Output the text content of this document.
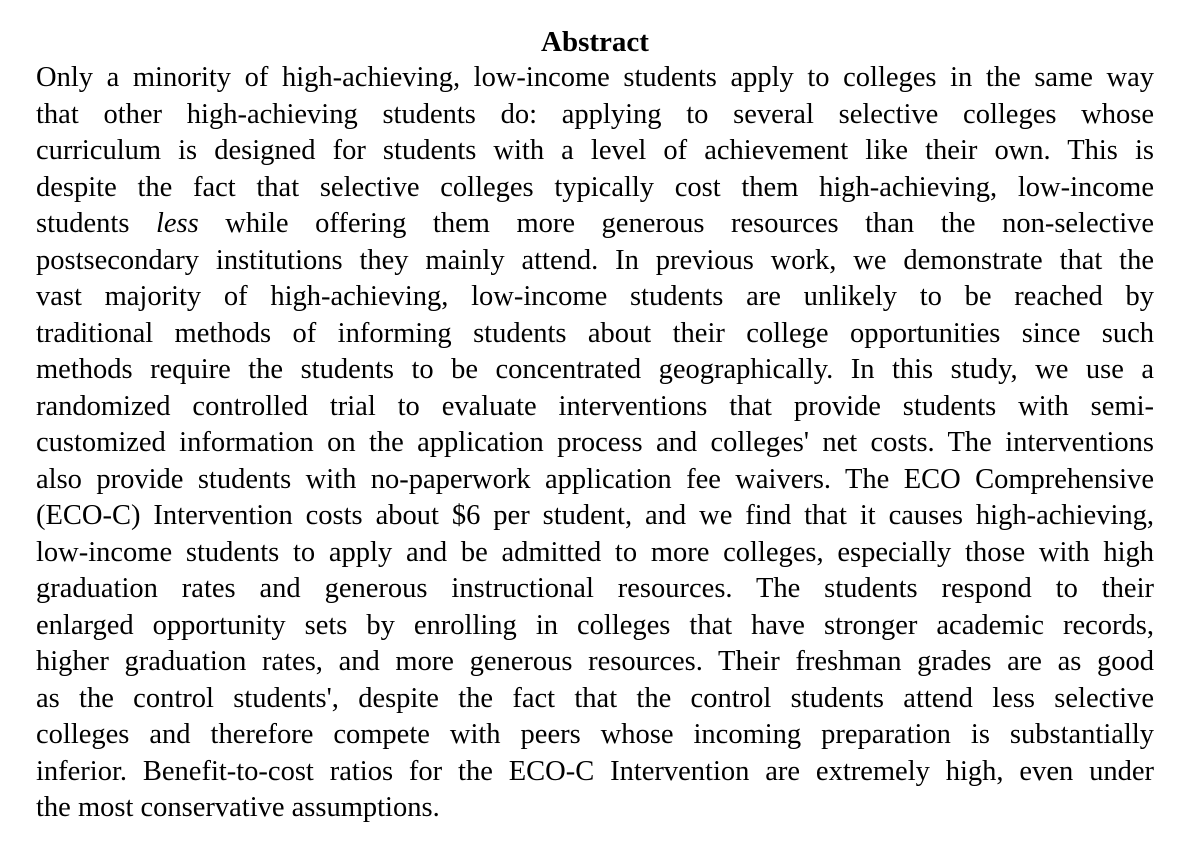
Abstract
Only a minority of high-achieving, low-income students apply to colleges in the same way
that other high-achieving students do: applying to several selective colleges whose
curriculum is designed for students with a level of achievement like their own. This is
despite the fact that selective colleges typically cost them high-achieving, low-income
students less while offering them more generous resources than the non-selective
postsecondary institutions they mainly attend. In previous work, we demonstrate that the
vast majority of high-achieving, low-income students are unlikely to be reached by
traditional methods of informing students about their college opportunities since such
methods require the students to be concentrated geographically. In this study, we use a
randomized controlled trial to evaluate interventions that provide students with semi-
customized information on the application process and colleges' net costs. The interventions
also provide students with no-paperwork application fee waivers. The ECO Comprehensive
(ECO-C) Intervention costs about $6 per student, and we find that it causes high-achieving,
low-income students to apply and be admitted to more colleges, especially those with high
graduation rates and generous instructional resources. The students respond to their
enlarged opportunity sets by enrolling in colleges that have stronger academic records,
higher graduation rates, and more generous resources. Their freshman grades are as good
as the control students', despite the fact that the control students attend less selective
colleges and therefore compete with peers whose incoming preparation is substantially
inferior. Benefit-to-cost ratios for the ECO-C Intervention are extremely high, even under
the most conservative assumptions.
